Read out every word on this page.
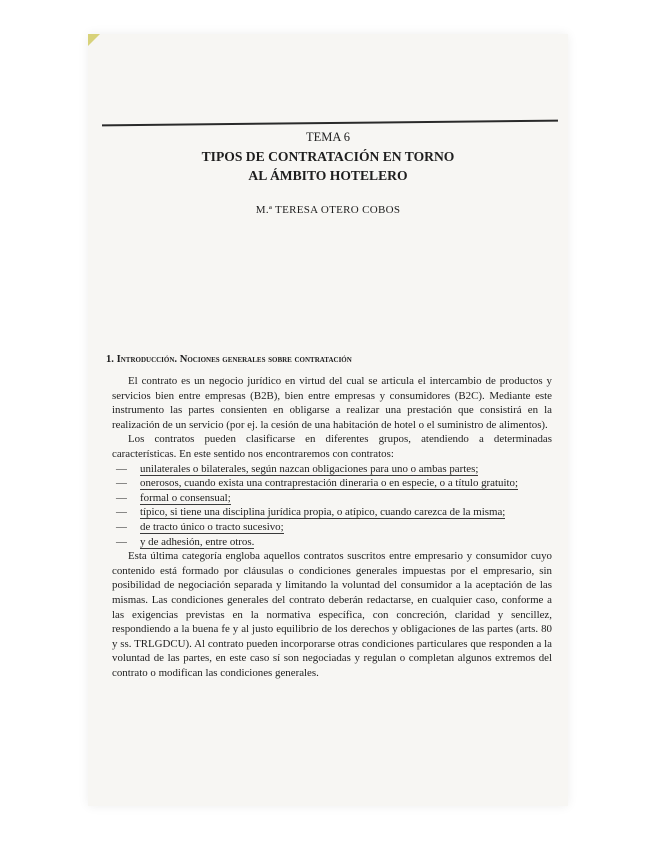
TEMA 6
TIPOS DE CONTRATACIÓN EN TORNO
AL ÁMBITO HOTELERO
M.ª TERESA OTERO COBOS
1. Introducción. Nociones generales sobre contratación

El contrato es un negocio jurídico en virtud del cual se articula el intercambio de productos y servicios bien entre empresas (B2B), bien entre empresas y consumidores (B2C). Mediante este instrumento las partes consienten en obligarse a realizar una prestación que consistirá en la realización de un servicio (por ej. la cesión de una habitación de hotel o el suministro de alimentos).

Los contratos pueden clasificarse en diferentes grupos, atendiendo a determinadas características. En este sentido nos encontraremos con contratos:

— unilaterales o bilaterales, según nazcan obligaciones para uno o ambas partes;
— onerosos, cuando exista una contraprestación dineraria o en especie, o a título gratuito;
— formal o consensual;
— típico, si tiene una disciplina jurídica propia, o atípico, cuando carezca de la misma;
— de tracto único o tracto sucesivo;
— y de adhesión, entre otros.

Esta última categoría engloba aquellos contratos suscritos entre empresario y consumidor cuyo contenido está formado por cláusulas o condiciones generales impuestas por el empresario, sin posibilidad de negociación separada y limitando la voluntad del consumidor a la aceptación de las mismas. Las condiciones generales del contrato deberán redactarse, en cualquier caso, conforme a las exigencias previstas en la normativa específica, con concreción, claridad y sencillez, respondiendo a la buena fe y al justo equilibrio de los derechos y obligaciones de las partes (arts. 80 y ss. TRLGDCU). Al contrato pueden incorporarse otras condiciones particulares que responden a la voluntad de las partes, en este caso sí son negociadas y regulan o completan algunos extremos del contrato o modifican las condiciones generales.
